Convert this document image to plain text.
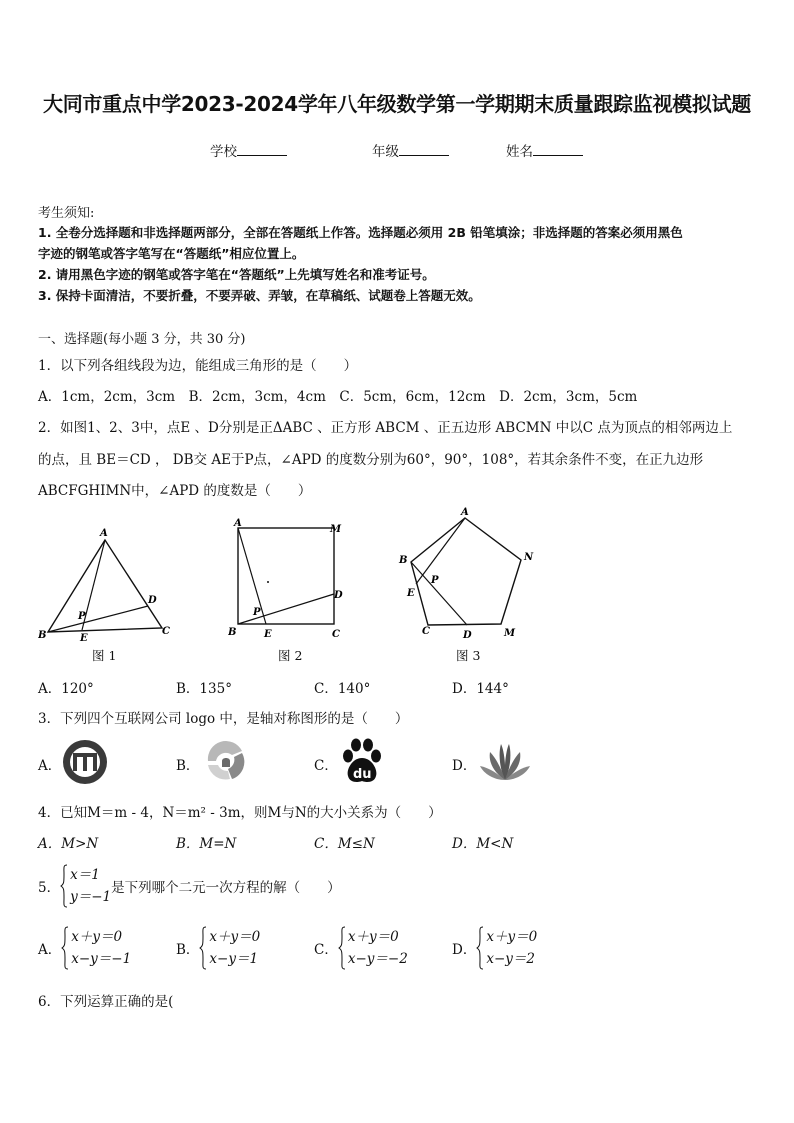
大同市重点中学2023-2024学年八年级数学第一学期期末质量跟踪监视模拟试题
学校	年级	姓名
考生须知:
1. 全卷分选择题和非选择题两部分，全部在答题纸上作答。选择题必须用 2B 铅笔填涂；非选择题的答案必须用黑色
字迹的钢笔或答字笔写在“答题纸”相应位置上。
2. 请用黑色字迹的钢笔或答字笔在“答题纸”上先填写姓名和准考证号。
3. 保持卡面清洁，不要折叠，不要弄破、弄皱，在草稿纸、试题卷上答题无效。
一、选择题(每小题 3 分，共 30 分)
1．以下列各组线段为边，能组成三角形的是（　　）
A．1cm，2cm，3cm　B．2cm，3cm，4cm　C．5cm，6cm，12cm　D．2cm，3cm，5cm
2．如图1、2、3中，点E 、D分别是正ΔABC 、正方形 ABCM 、正五边形 ABCMN 中以C 点为顶点的相邻两边上
的点，且 BE＝CD ， DB交 AE于P点，∠APD 的度数分别为60°，90°，108°，若其余条件不变，在正九边形
ABCFGHIMN中，∠APD 的度数是（　　）
A
B	C
D
E
P
A
M
B	C
D
E
P
A
N
B
E
P
C	D	M
图 1	图 2	图 3
A．120°	B．135°	C．140°	D．144°
3．下列四个互联网公司 logo 中，是轴对称图形的是（　　）
A．	B．	C．	D．
du
4．已知M＝m - 4，N＝m² - 3m，则M与N的大小关系为（　　）
A．M>N	B．M=N	C．M≤N	D．M<N
5．
x＝1
y＝−1
是下列哪个二元一次方程的解（　　）
A．
x＋y＝0
x−y＝−1
B．
x＋y＝0
x−y＝1
C．
x＋y＝0
x−y＝−2
D．
x＋y＝0
x−y＝2
6．下列运算正确的是(
